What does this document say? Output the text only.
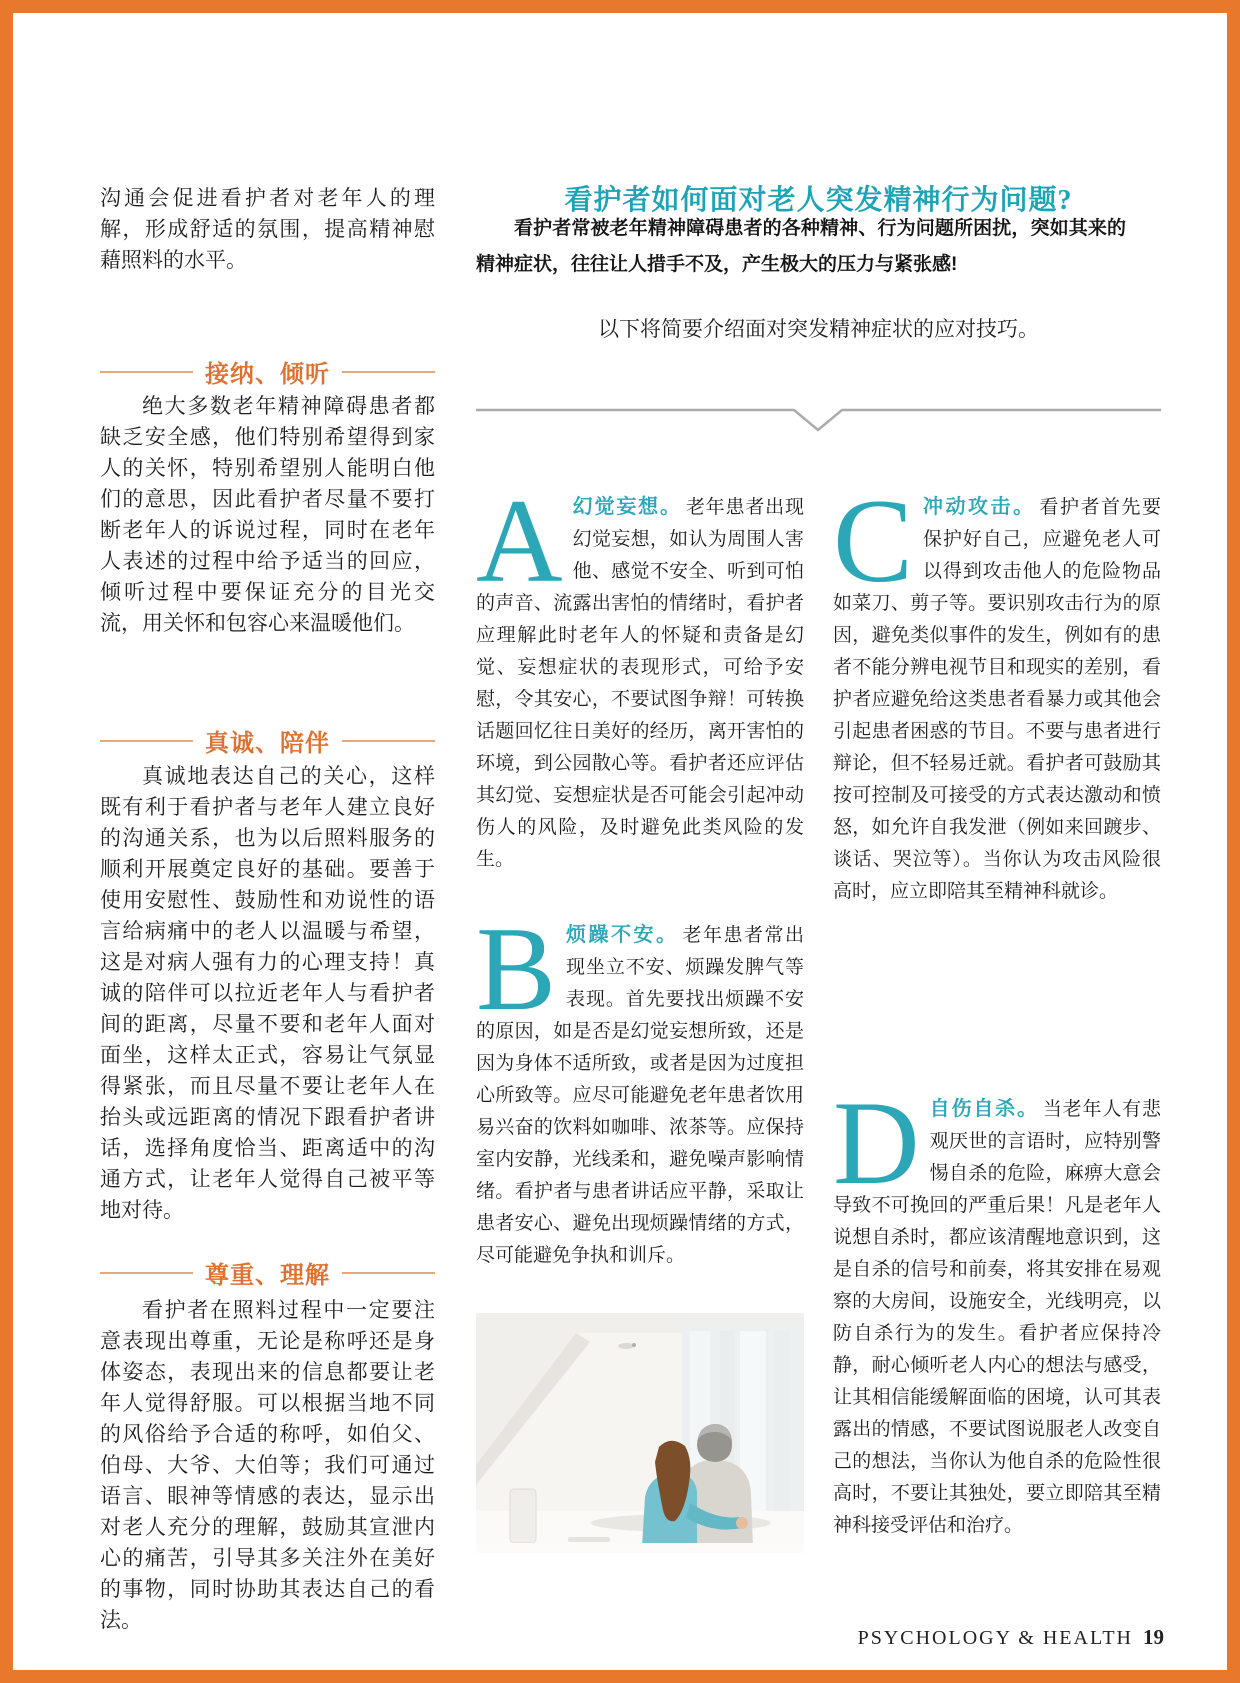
沟通会促进看护者对老年人的理解，形成舒适的氛围，提高精神慰藉照料的水平。

接纳、倾听

绝大多数老年精神障碍患者都缺乏安全感，他们特别希望得到家人的关怀，特别希望别人能明白他们的意思，因此看护者尽量不要打断老年人的诉说过程，同时在老年人表述的过程中给予适当的回应，倾听过程中要保证充分的目光交流，用关怀和包容心来温暖他们。

真诚、陪伴

真诚地表达自己的关心，这样既有利于看护者与老年人建立良好的沟通关系，也为以后照料服务的顺利开展奠定良好的基础。要善于使用安慰性、鼓励性和劝说性的语言给病痛中的老人以温暖与希望，这是对病人强有力的心理支持！真诚的陪伴可以拉近老年人与看护者间的距离，尽量不要和老年人面对面坐，这样太正式，容易让气氛显得紧张，而且尽量不要让老年人在抬头或远距离的情况下跟看护者讲话，选择角度恰当、距离适中的沟通方式，让老年人觉得自己被平等地对待。

尊重、理解

看护者在照料过程中一定要注意表现出尊重，无论是称呼还是身体姿态，表现出来的信息都要让老年人觉得舒服。可以根据当地不同的风俗给予合适的称呼，如伯父、伯母、大爷、大伯等；我们可通过语言、眼神等情感的表达，显示出对老人充分的理解，鼓励其宣泄内心的痛苦，引导其多关注外在美好的事物，同时协助其表达自己的看法。

看护者如何面对老人突发精神行为问题?

看护者常被老年精神障碍患者的各种精神、行为问题所困扰，突如其来的精神症状，往往让人措手不及，产生极大的压力与紧张感!

以下将简要介绍面对突发精神症状的应对技巧。

A幻觉妄想。 老年患者出现幻觉妄想，如认为周围人害他、感觉不安全、听到可怕的声音、流露出害怕的情绪时，看护者应理解此时老年人的怀疑和责备是幻觉、妄想症状的表现形式，可给予安慰，令其安心，不要试图争辩！可转换话题回忆往日美好的经历，离开害怕的环境，到公园散心等。看护者还应评估其幻觉、妄想症状是否可能会引起冲动伤人的风险，及时避免此类风险的发生。

B烦躁不安。 老年患者常出现坐立不安、烦躁发脾气等表现。首先要找出烦躁不安的原因，如是否是幻觉妄想所致，还是因为身体不适所致，或者是因为过度担心所致等。应尽可能避免老年患者饮用易兴奋的饮料如咖啡、浓茶等。应保持室内安静，光线柔和，避免噪声影响情绪。看护者与患者讲话应平静，采取让患者安心、避免出现烦躁情绪的方式，尽可能避免争执和训斥。

C冲动攻击。 看护者首先要保护好自己，应避免老人可以得到攻击他人的危险物品如菜刀、剪子等。要识别攻击行为的原因，避免类似事件的发生，例如有的患者不能分辨电视节目和现实的差别，看护者应避免给这类患者看暴力或其他会引起患者困惑的节目。不要与患者进行辩论，但不轻易迁就。看护者可鼓励其按可控制及可接受的方式表达激动和愤怒，如允许自我发泄（例如来回踱步、谈话、哭泣等）。当你认为攻击风险很高时，应立即陪其至精神科就诊。

D自伤自杀。 当老年人有悲观厌世的言语时，应特别警惕自杀的危险，麻痹大意会导致不可挽回的严重后果！凡是老年人说想自杀时，都应该清醒地意识到，这是自杀的信号和前奏，将其安排在易观察的大房间，设施安全，光线明亮，以防自杀行为的发生。看护者应保持冷静，耐心倾听老人内心的想法与感受，让其相信能缓解面临的困境，认可其表露出的情感，不要试图说服老人改变自己的想法，当你认为他自杀的危险性很高时，不要让其独处，要立即陪其至精神科接受评估和治疗。

PSYCHOLOGY & HEALTH 19
